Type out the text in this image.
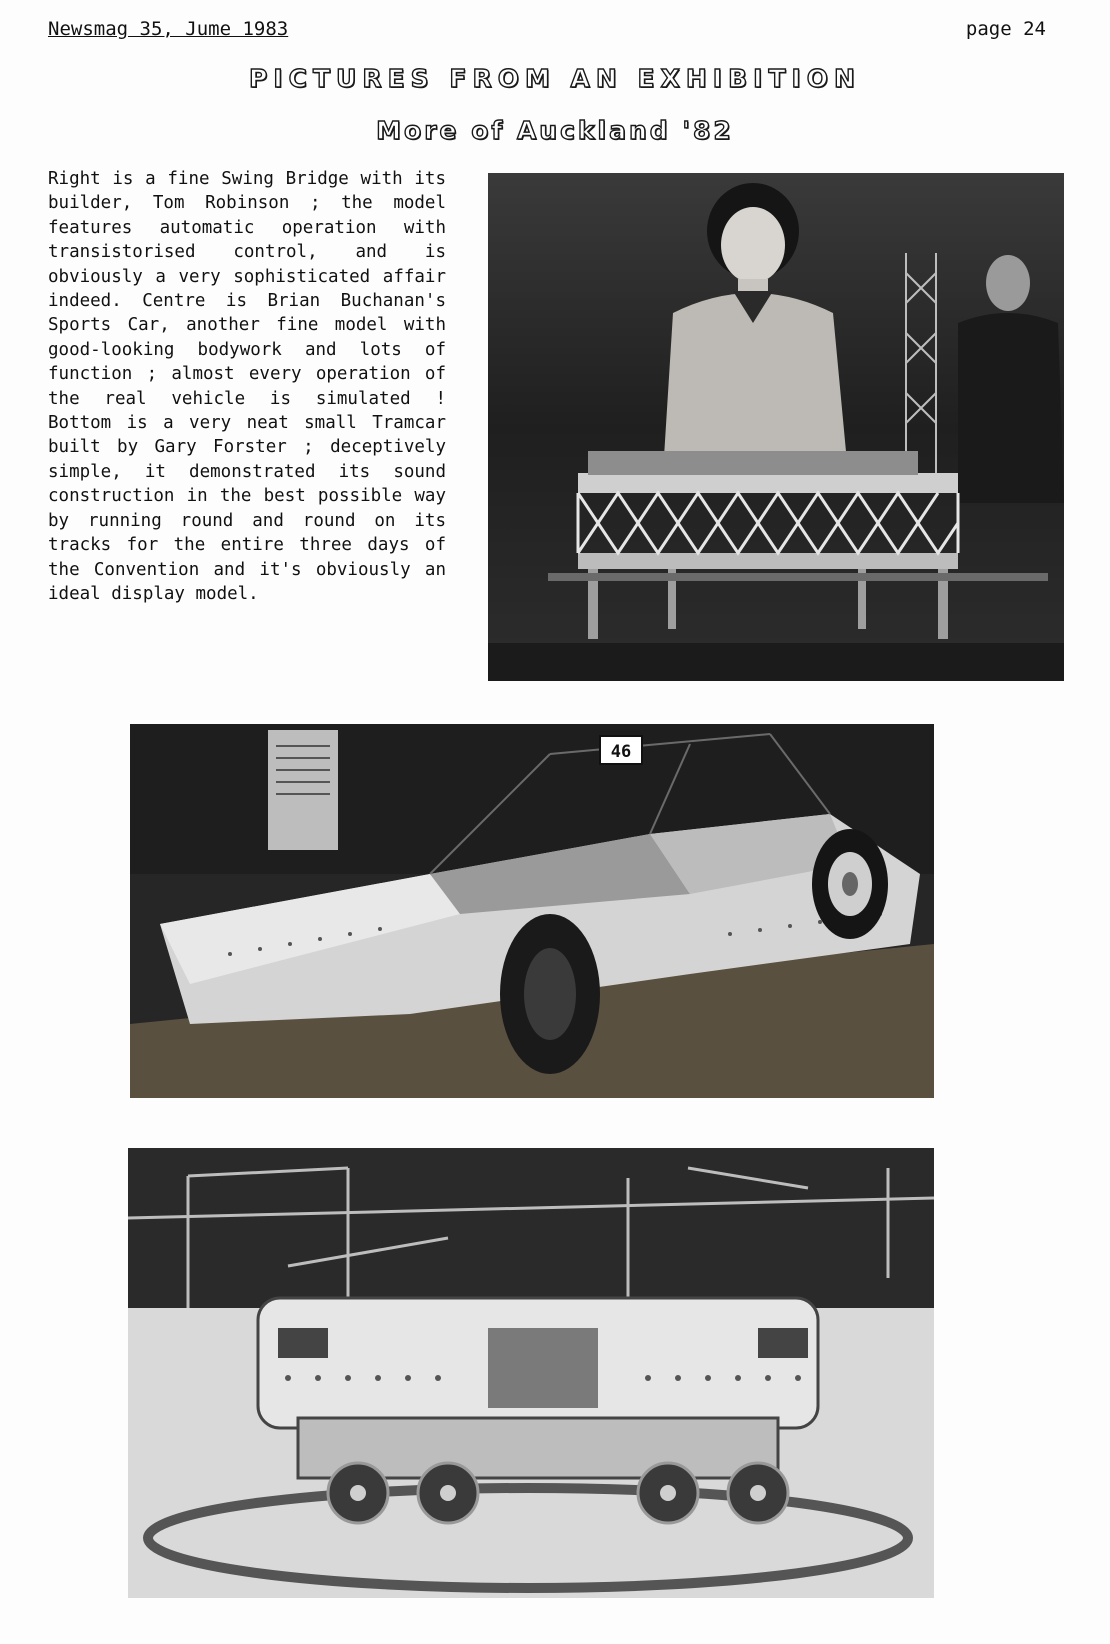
Newsmag 35, Jume 1983	page 24
PICTURES FROM AN EXHIBITION
More of Auckland '82
Right is a fine Swing Bridge with its builder, Tom Robinson ; the model features automatic operation with transistorised control, and is obviously a very sophisticated affair indeed. Centre is Brian Buchanan's Sports Car, another fine model with good-looking bodywork and lots of function ; almost every operation of the real vehicle is simulated ! Bottom is a very neat small Tramcar built by Gary Forster ; deceptively simple, it demonstrated its sound construction in the best possible way by running round and round on its tracks for the entire three days of the Convention and it's obviously an ideal display model.
46
